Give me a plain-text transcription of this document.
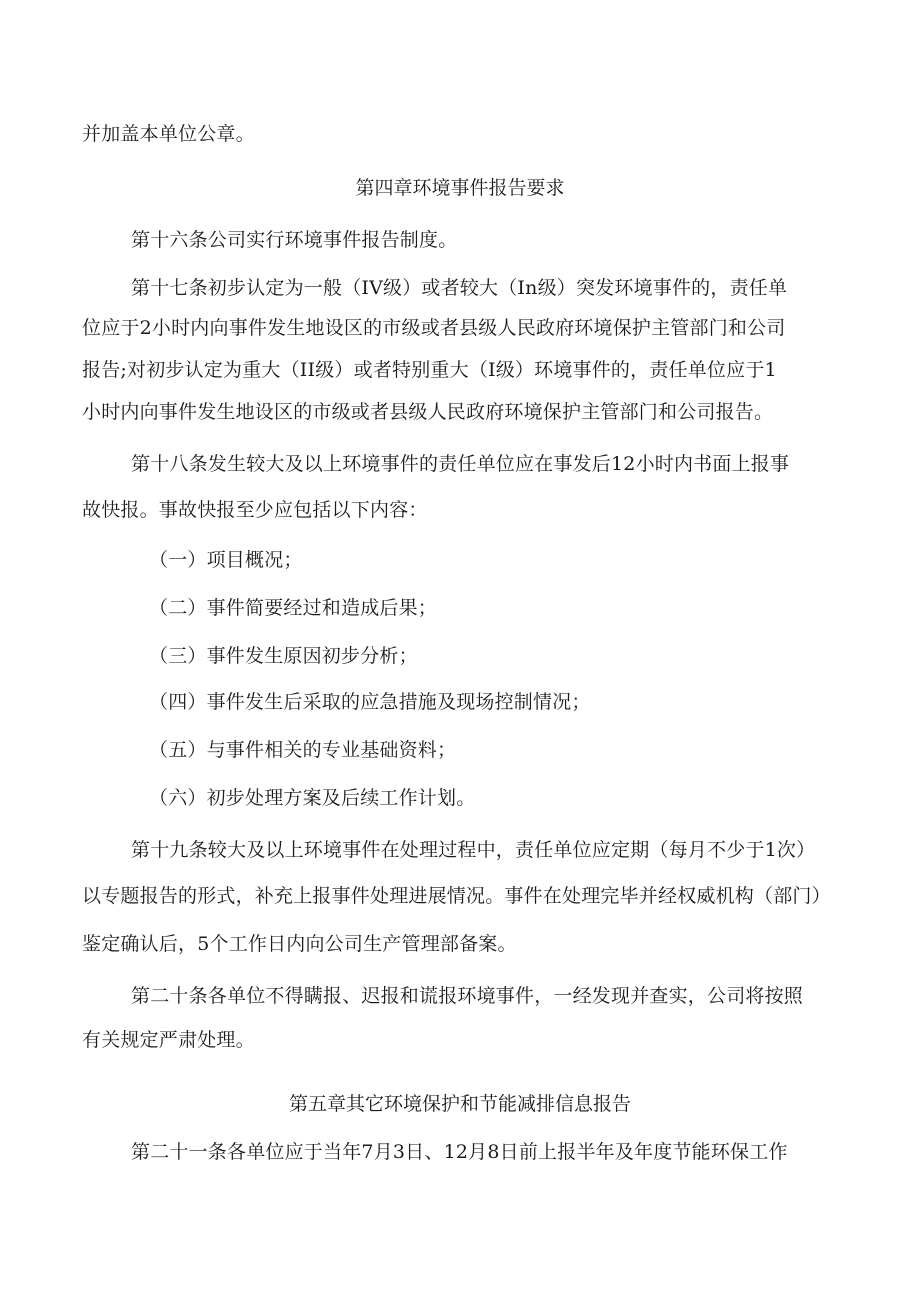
并加盖本单位公章。
第四章环境事件报告要求
第十六条公司实行环境事件报告制度。
第十七条初步认定为一般（IV级）或者较大（In级）突发环境事件的，责任单
位应于2小时内向事件发生地设区的市级或者县级人民政府环境保护主管部门和公司
报告;对初步认定为重大（II级）或者特别重大（I级）环境事件的，责任单位应于1
小时内向事件发生地设区的市级或者县级人民政府环境保护主管部门和公司报告。
第十八条发生较大及以上环境事件的责任单位应在事发后12小时内书面上报事
故快报。事故快报至少应包括以下内容：
（一）项目概况；
（二）事件简要经过和造成后果；
（三）事件发生原因初步分析；
（四）事件发生后采取的应急措施及现场控制情况；
（五）与事件相关的专业基础资料；
（六）初步处理方案及后续工作计划。
第十九条较大及以上环境事件在处理过程中，责任单位应定期（每月不少于1次）
以专题报告的形式，补充上报事件处理进展情况。事件在处理完毕并经权威机构（部门）
鉴定确认后，5个工作日内向公司生产管理部备案。
第二十条各单位不得瞒报、迟报和谎报环境事件，一经发现并查实，公司将按照
有关规定严肃处理。
第五章其它环境保护和节能减排信息报告
第二十一条各单位应于当年7月3日、12月8日前上报半年及年度节能环保工作
